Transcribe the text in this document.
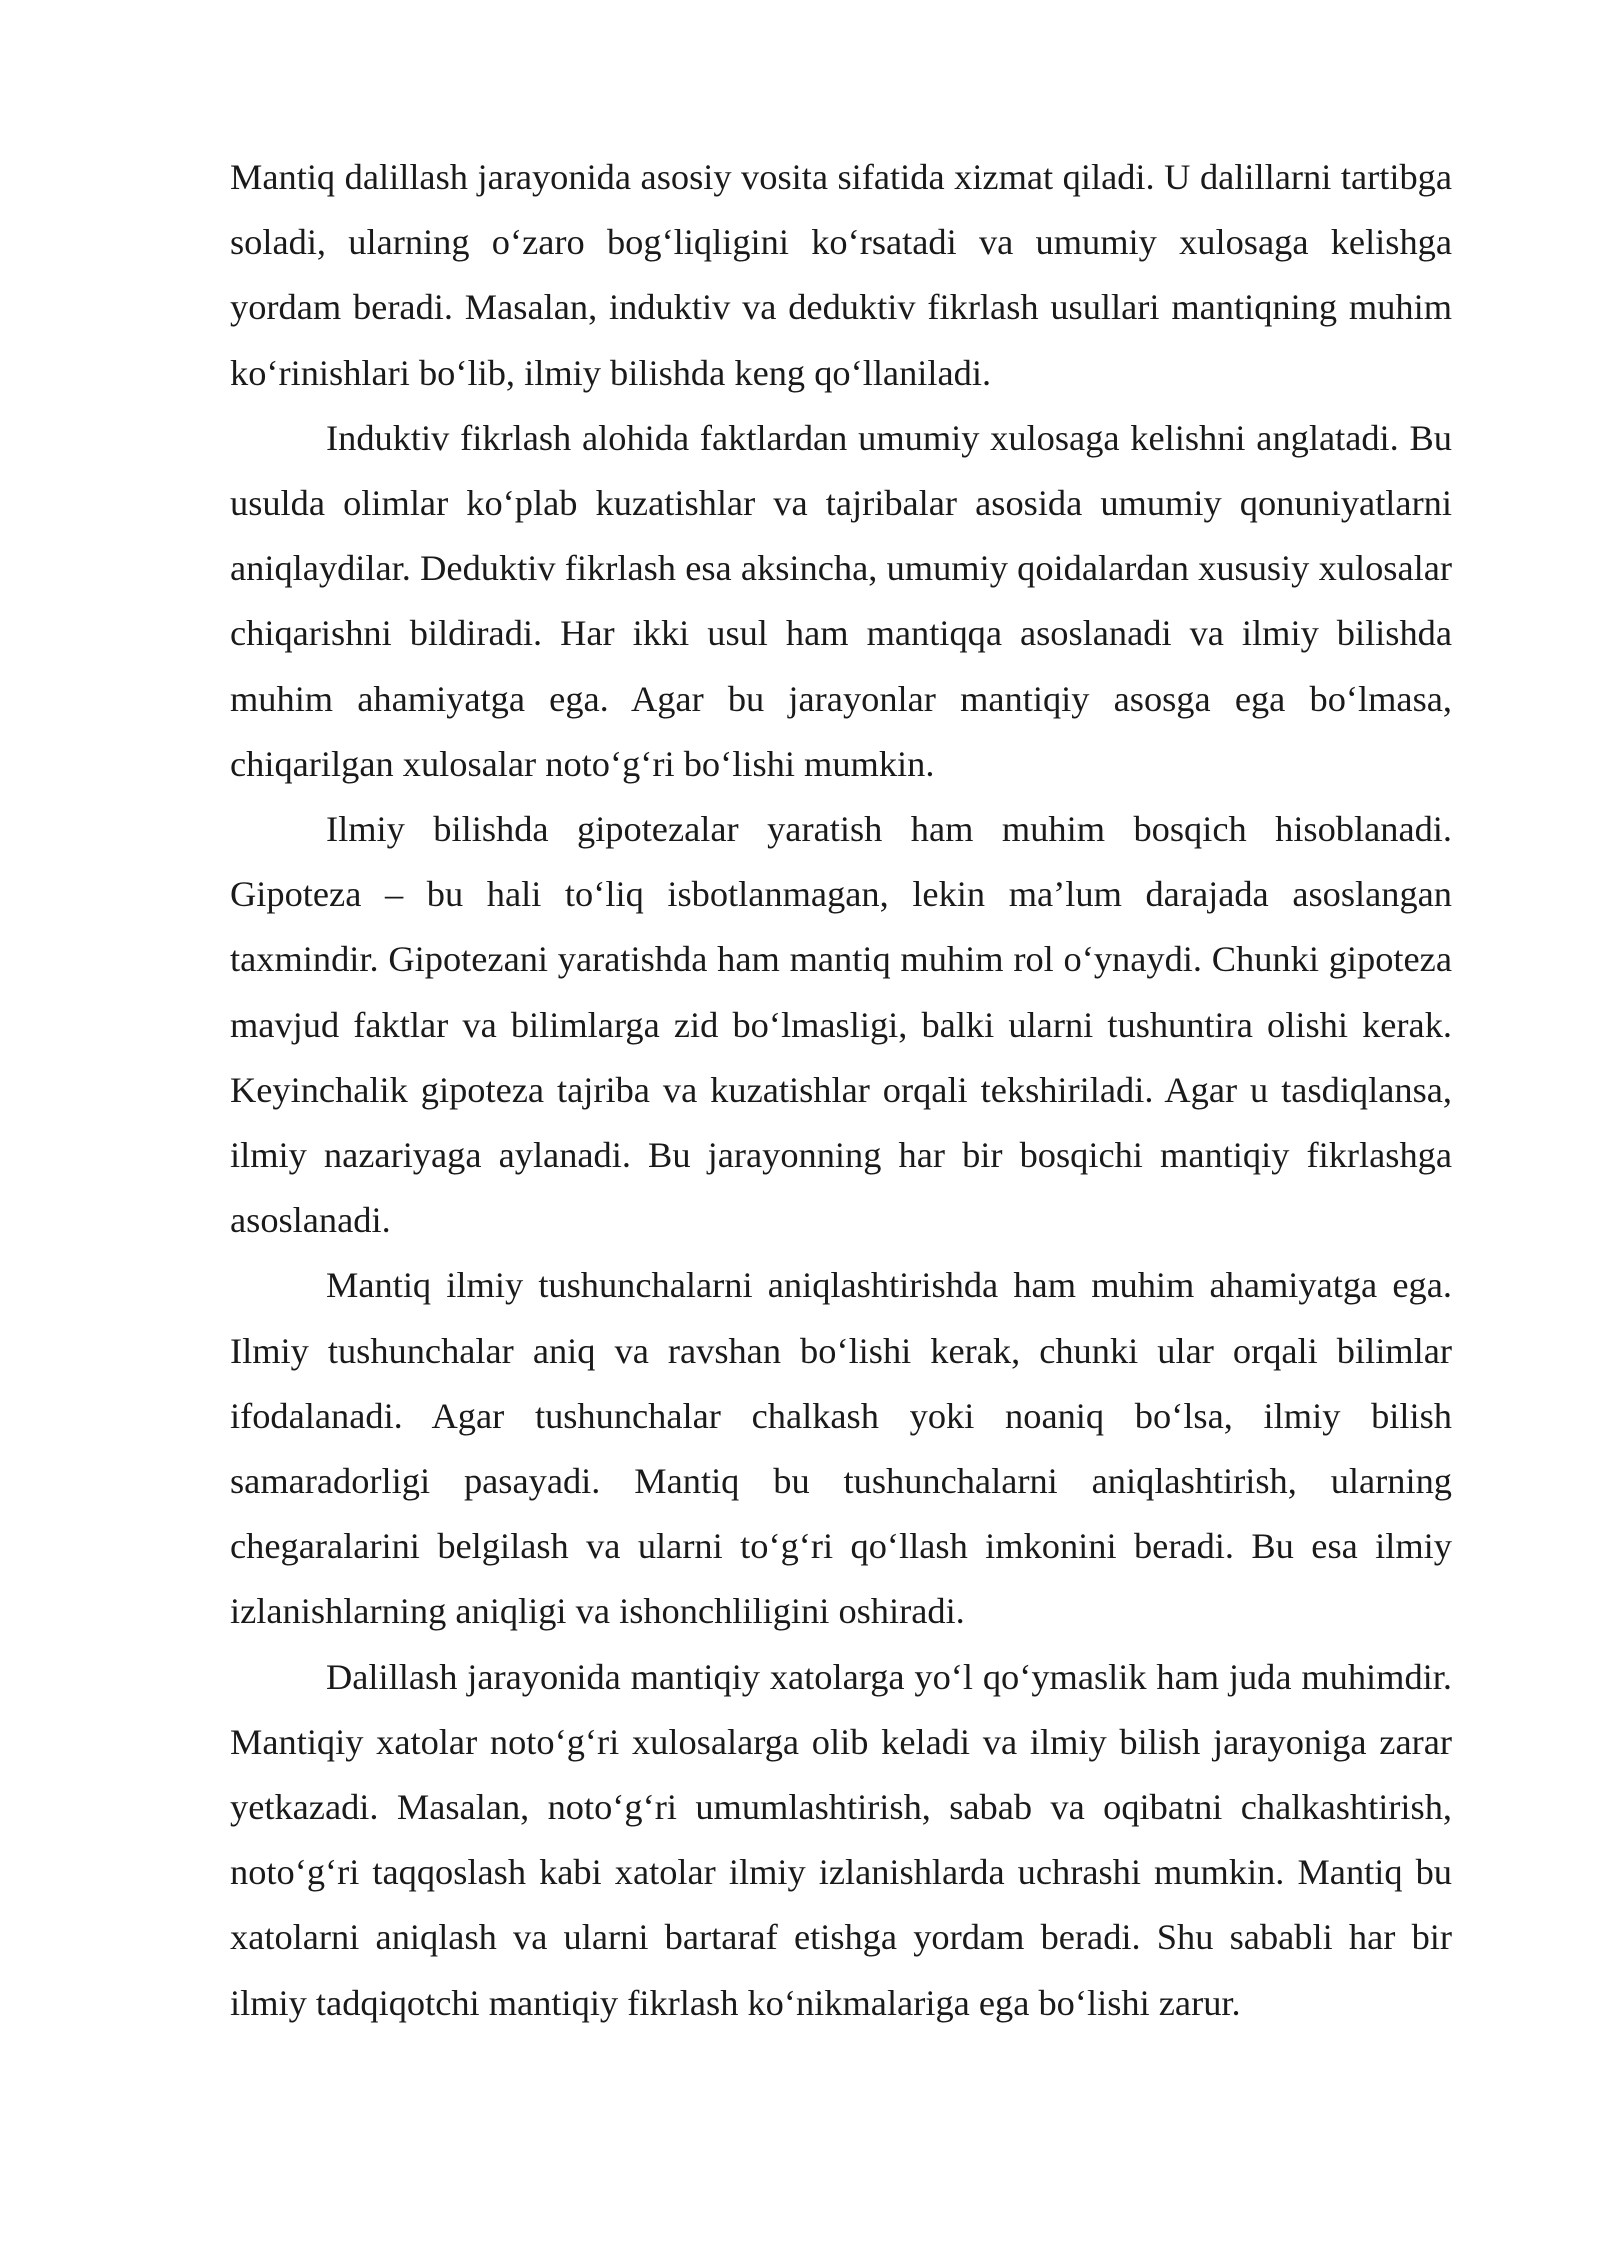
Mantiq dalillash jarayonida asosiy vosita sifatida xizmat qiladi. U dalillarni tartibga soladi, ularning o‘zaro bog‘liqligini ko‘rsatadi va umumiy xulosaga kelishga yordam beradi. Masalan, induktiv va deduktiv fikrlash usullari mantiqning muhim ko‘rinishlari bo‘lib, ilmiy bilishda keng qo‘llaniladi.

Induktiv fikrlash alohida faktlardan umumiy xulosaga kelishni anglatadi. Bu usulda olimlar ko‘plab kuzatishlar va tajribalar asosida umumiy qonuniyatlarni aniqlaydilar. Deduktiv fikrlash esa aksincha, umumiy qoidalardan xususiy xulosalar chiqarishni bildiradi. Har ikki usul ham mantiqqa asoslanadi va ilmiy bilishda muhim ahamiyatga ega. Agar bu jarayonlar mantiqiy asosga ega bo‘lmasa, chiqarilgan xulosalar noto‘g‘ri bo‘lishi mumkin.

Ilmiy bilishda gipotezalar yaratish ham muhim bosqich hisoblanadi. Gipoteza – bu hali to‘liq isbotlanmagan, lekin ma’lum darajada asoslangan taxmindir. Gipotezani yaratishda ham mantiq muhim rol o‘ynaydi. Chunki gipoteza mavjud faktlar va bilimlarga zid bo‘lmasligi, balki ularni tushuntira olishi kerak. Keyinchalik gipoteza tajriba va kuzatishlar orqali tekshiriladi. Agar u tasdiqlansa, ilmiy nazariyaga aylanadi. Bu jarayonning har bir bosqichi mantiqiy fikrlashga asoslanadi.

Mantiq ilmiy tushunchalarni aniqlashtirishda ham muhim ahamiyatga ega. Ilmiy tushunchalar aniq va ravshan bo‘lishi kerak, chunki ular orqali bilimlar ifodalanadi. Agar tushunchalar chalkash yoki noaniq bo‘lsa, ilmiy bilish samaradorligi pasayadi. Mantiq bu tushunchalarni aniqlashtirish, ularning chegaralarini belgilash va ularni to‘g‘ri qo‘llash imkonini beradi. Bu esa ilmiy izlanishlarning aniqligi va ishonchliligini oshiradi.

Dalillash jarayonida mantiqiy xatolarga yo‘l qo‘ymaslik ham juda muhimdir. Mantiqiy xatolar noto‘g‘ri xulosalarga olib keladi va ilmiy bilish jarayoniga zarar yetkazadi. Masalan, noto‘g‘ri umumlashtirish, sabab va oqibatni chalkashtirish, noto‘g‘ri taqqoslash kabi xatolar ilmiy izlanishlarda uchrashi mumkin. Mantiq bu xatolarni aniqlash va ularni bartaraf etishga yordam beradi. Shu sababli har bir ilmiy tadqiqotchi mantiqiy fikrlash ko‘nikmalariga ega bo‘lishi zarur.
